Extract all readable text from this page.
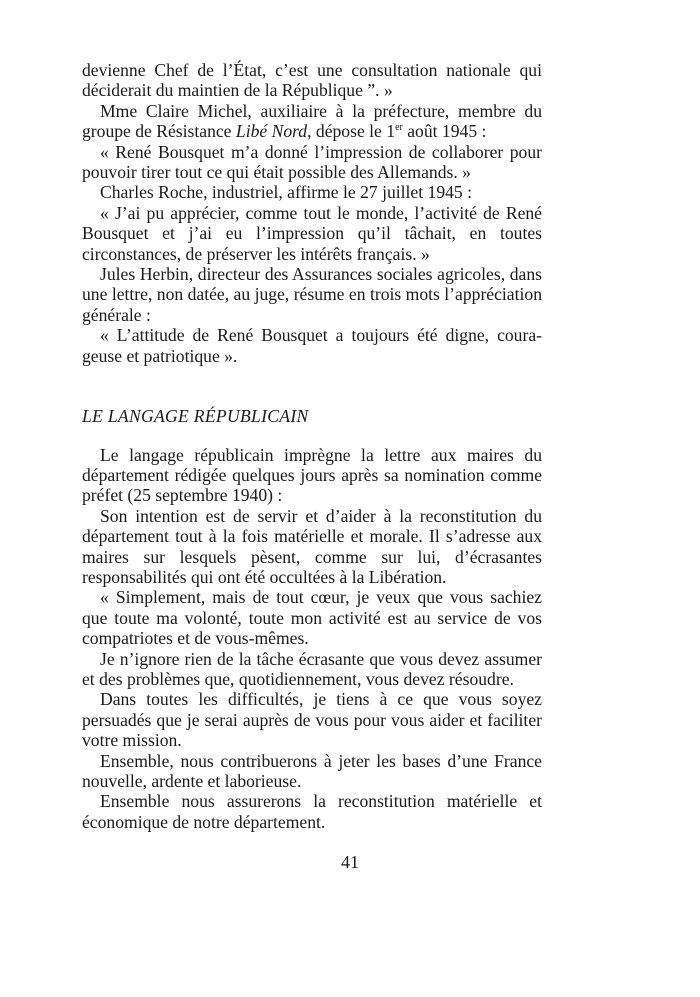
devienne Chef de l’État, c’est une consultation nationale qui déciderait du maintien de la République ”. »

Mme Claire Michel, auxiliaire à la préfecture, membre du groupe de Résistance Libé Nord, dépose le 1er août 1945 :

« René Bousquet m’a donné l’impression de collaborer pour pouvoir tirer tout ce qui était possible des Allemands. »

Charles Roche, industriel, affirme le 27 juillet 1945 :

« J’ai pu apprécier, comme tout le monde, l’activité de René Bousquet et j’ai eu l’impression qu’il tâchait, en toutes circonstances, de préserver les intérêts français. »

Jules Herbin, directeur des Assurances sociales agricoles, dans une lettre, non datée, au juge, résume en trois mots l’appréciation générale :

« L’attitude de René Bousquet a toujours été digne, courageuse et patriotique ».

LE LANGAGE RÉPUBLICAIN

Le langage républicain imprègne la lettre aux maires du département rédigée quelques jours après sa nomination comme préfet (25 septembre 1940) :

Son intention est de servir et d’aider à la reconstitution du département tout à la fois matérielle et morale. Il s’adresse aux maires sur lesquels pèsent, comme sur lui, d’écrasantes responsabilités qui ont été occultées à la Libération.

« Simplement, mais de tout cœur, je veux que vous sachiez que toute ma volonté, toute mon activité est au service de vos compatriotes et de vous-mêmes.

Je n’ignore rien de la tâche écrasante que vous devez assumer et des problèmes que, quotidiennement, vous devez résoudre.

Dans toutes les difficultés, je tiens à ce que vous soyez persuadés que je serai auprès de vous pour vous aider et faciliter votre mission.

Ensemble, nous contribuerons à jeter les bases d’une France nouvelle, ardente et laborieuse.

Ensemble nous assurerons la reconstitution matérielle et économique de notre département.

41
